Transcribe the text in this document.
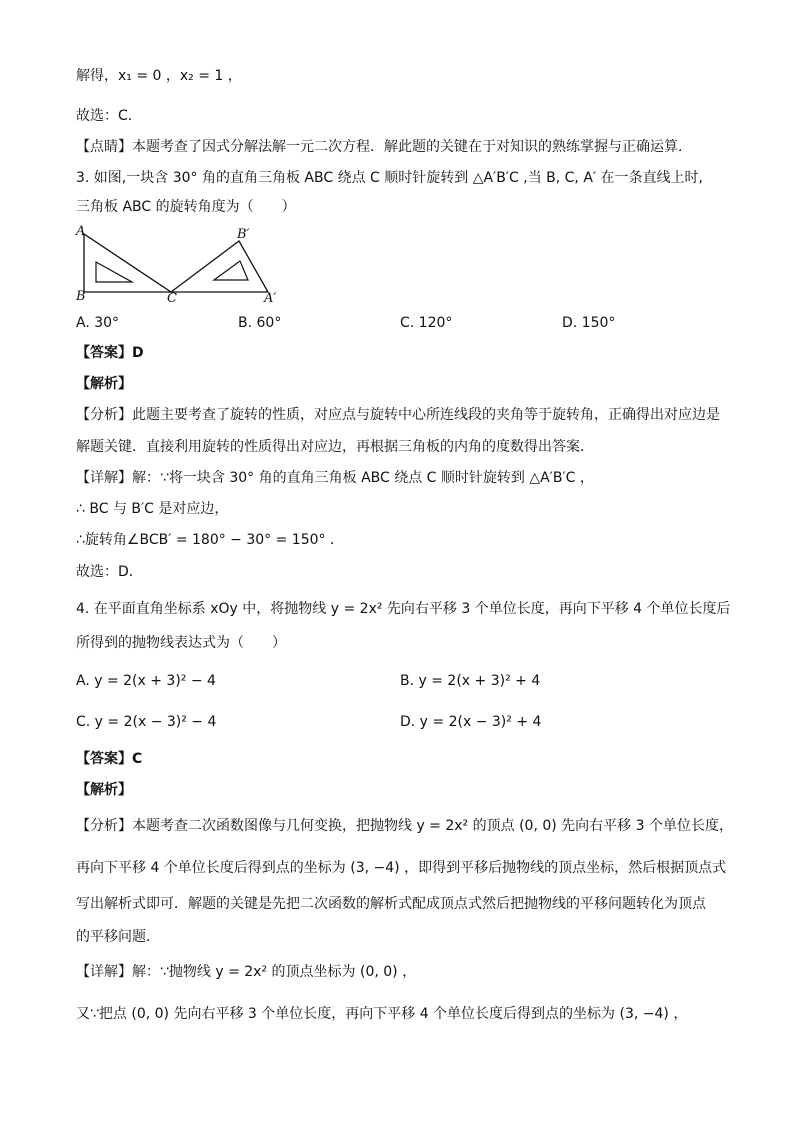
解得，x₁ = 0 ，x₂ = 1 ，
故选：C．
【点睛】本题考查了因式分解法解一元二次方程．解此题的关键在于对知识的熟练掌握与正确运算．
3. 如图,一块含 30° 角的直角三角板 ABC 绕点 C 顺时针旋转到 △A′B′C ,当 B, C, A′ 在一条直线上时,
三角板 ABC 的旋转角度为（　　）
A
B	C
B′
A′
A. 30°	B. 60°	C. 120°	D. 150°
【答案】D
【解析】
【分析】此题主要考查了旋转的性质，对应点与旋转中心所连线段的夹角等于旋转角，正确得出对应边是
解题关键．直接利用旋转的性质得出对应边，再根据三角板的内角的度数得出答案．
【详解】解：∵将一块含 30° 角的直角三角板 ABC 绕点 C 顺时针旋转到 △A′B′C ，
∴ BC 与 B′C 是对应边，
∴旋转角∠BCB′ = 180° − 30° = 150° ．
故选：D．
4. 在平面直角坐标系 xOy 中，将抛物线 y = 2x² 先向右平移 3 个单位长度，再向下平移 4 个单位长度后
所得到的抛物线表达式为（　　）
A. y = 2(x + 3)² − 4	B. y = 2(x + 3)² + 4
C. y = 2(x − 3)² − 4	D. y = 2(x − 3)² + 4
【答案】C
【解析】
【分析】本题考查二次函数图像与几何变换，把抛物线 y = 2x² 的顶点 (0, 0) 先向右平移 3 个单位长度，
再向下平移 4 个单位长度后得到点的坐标为 (3, −4) ，即得到平移后抛物线的顶点坐标，然后根据顶点式
写出解析式即可．解题的关键是先把二次函数的解析式配成顶点式然后把抛物线的平移问题转化为顶点
的平移问题．
【详解】解：∵抛物线 y = 2x² 的顶点坐标为 (0, 0) ，
又∵把点 (0, 0) 先向右平移 3 个单位长度，再向下平移 4 个单位长度后得到点的坐标为 (3, −4) ，
